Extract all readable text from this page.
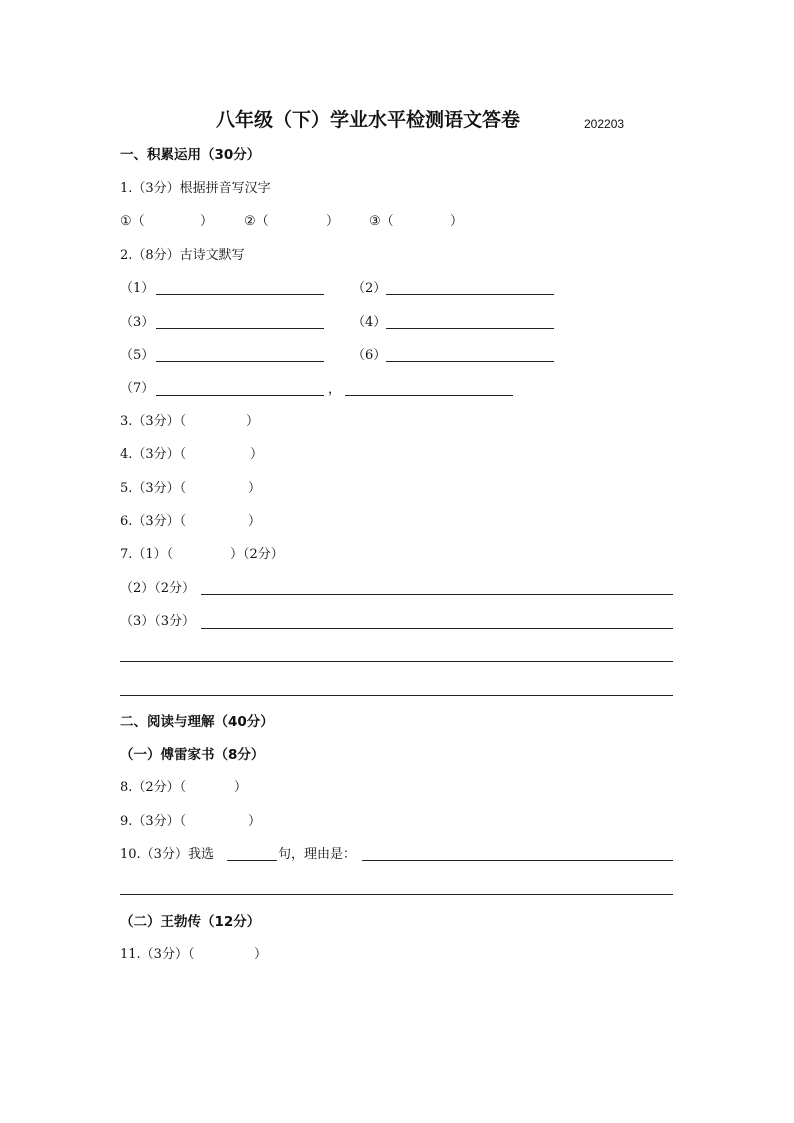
八年级（下）学业水平检测语文答卷	202203
一、积累运用（30分）
1.（3分）根据拼音写汉字
①（	） ②（	） ③（	）
2.（8分）古诗文默写
（1）	（2）
（3）	（4）
（5）	（6）
（7）	，
3.（3分）（	）
4.（3分）（	）
5.（3分）（	）
6.（3分）（	）
7.（1）（	）（2分）
（2）（2分）
（3）（3分）
二、阅读与理解（40分）
（一）傅雷家书（8分）
8.（2分）（	）
9.（3分）（	）
10.（3分）我选	句，理由是：
（二）王勃传（12分）
11.（3分）（	）
